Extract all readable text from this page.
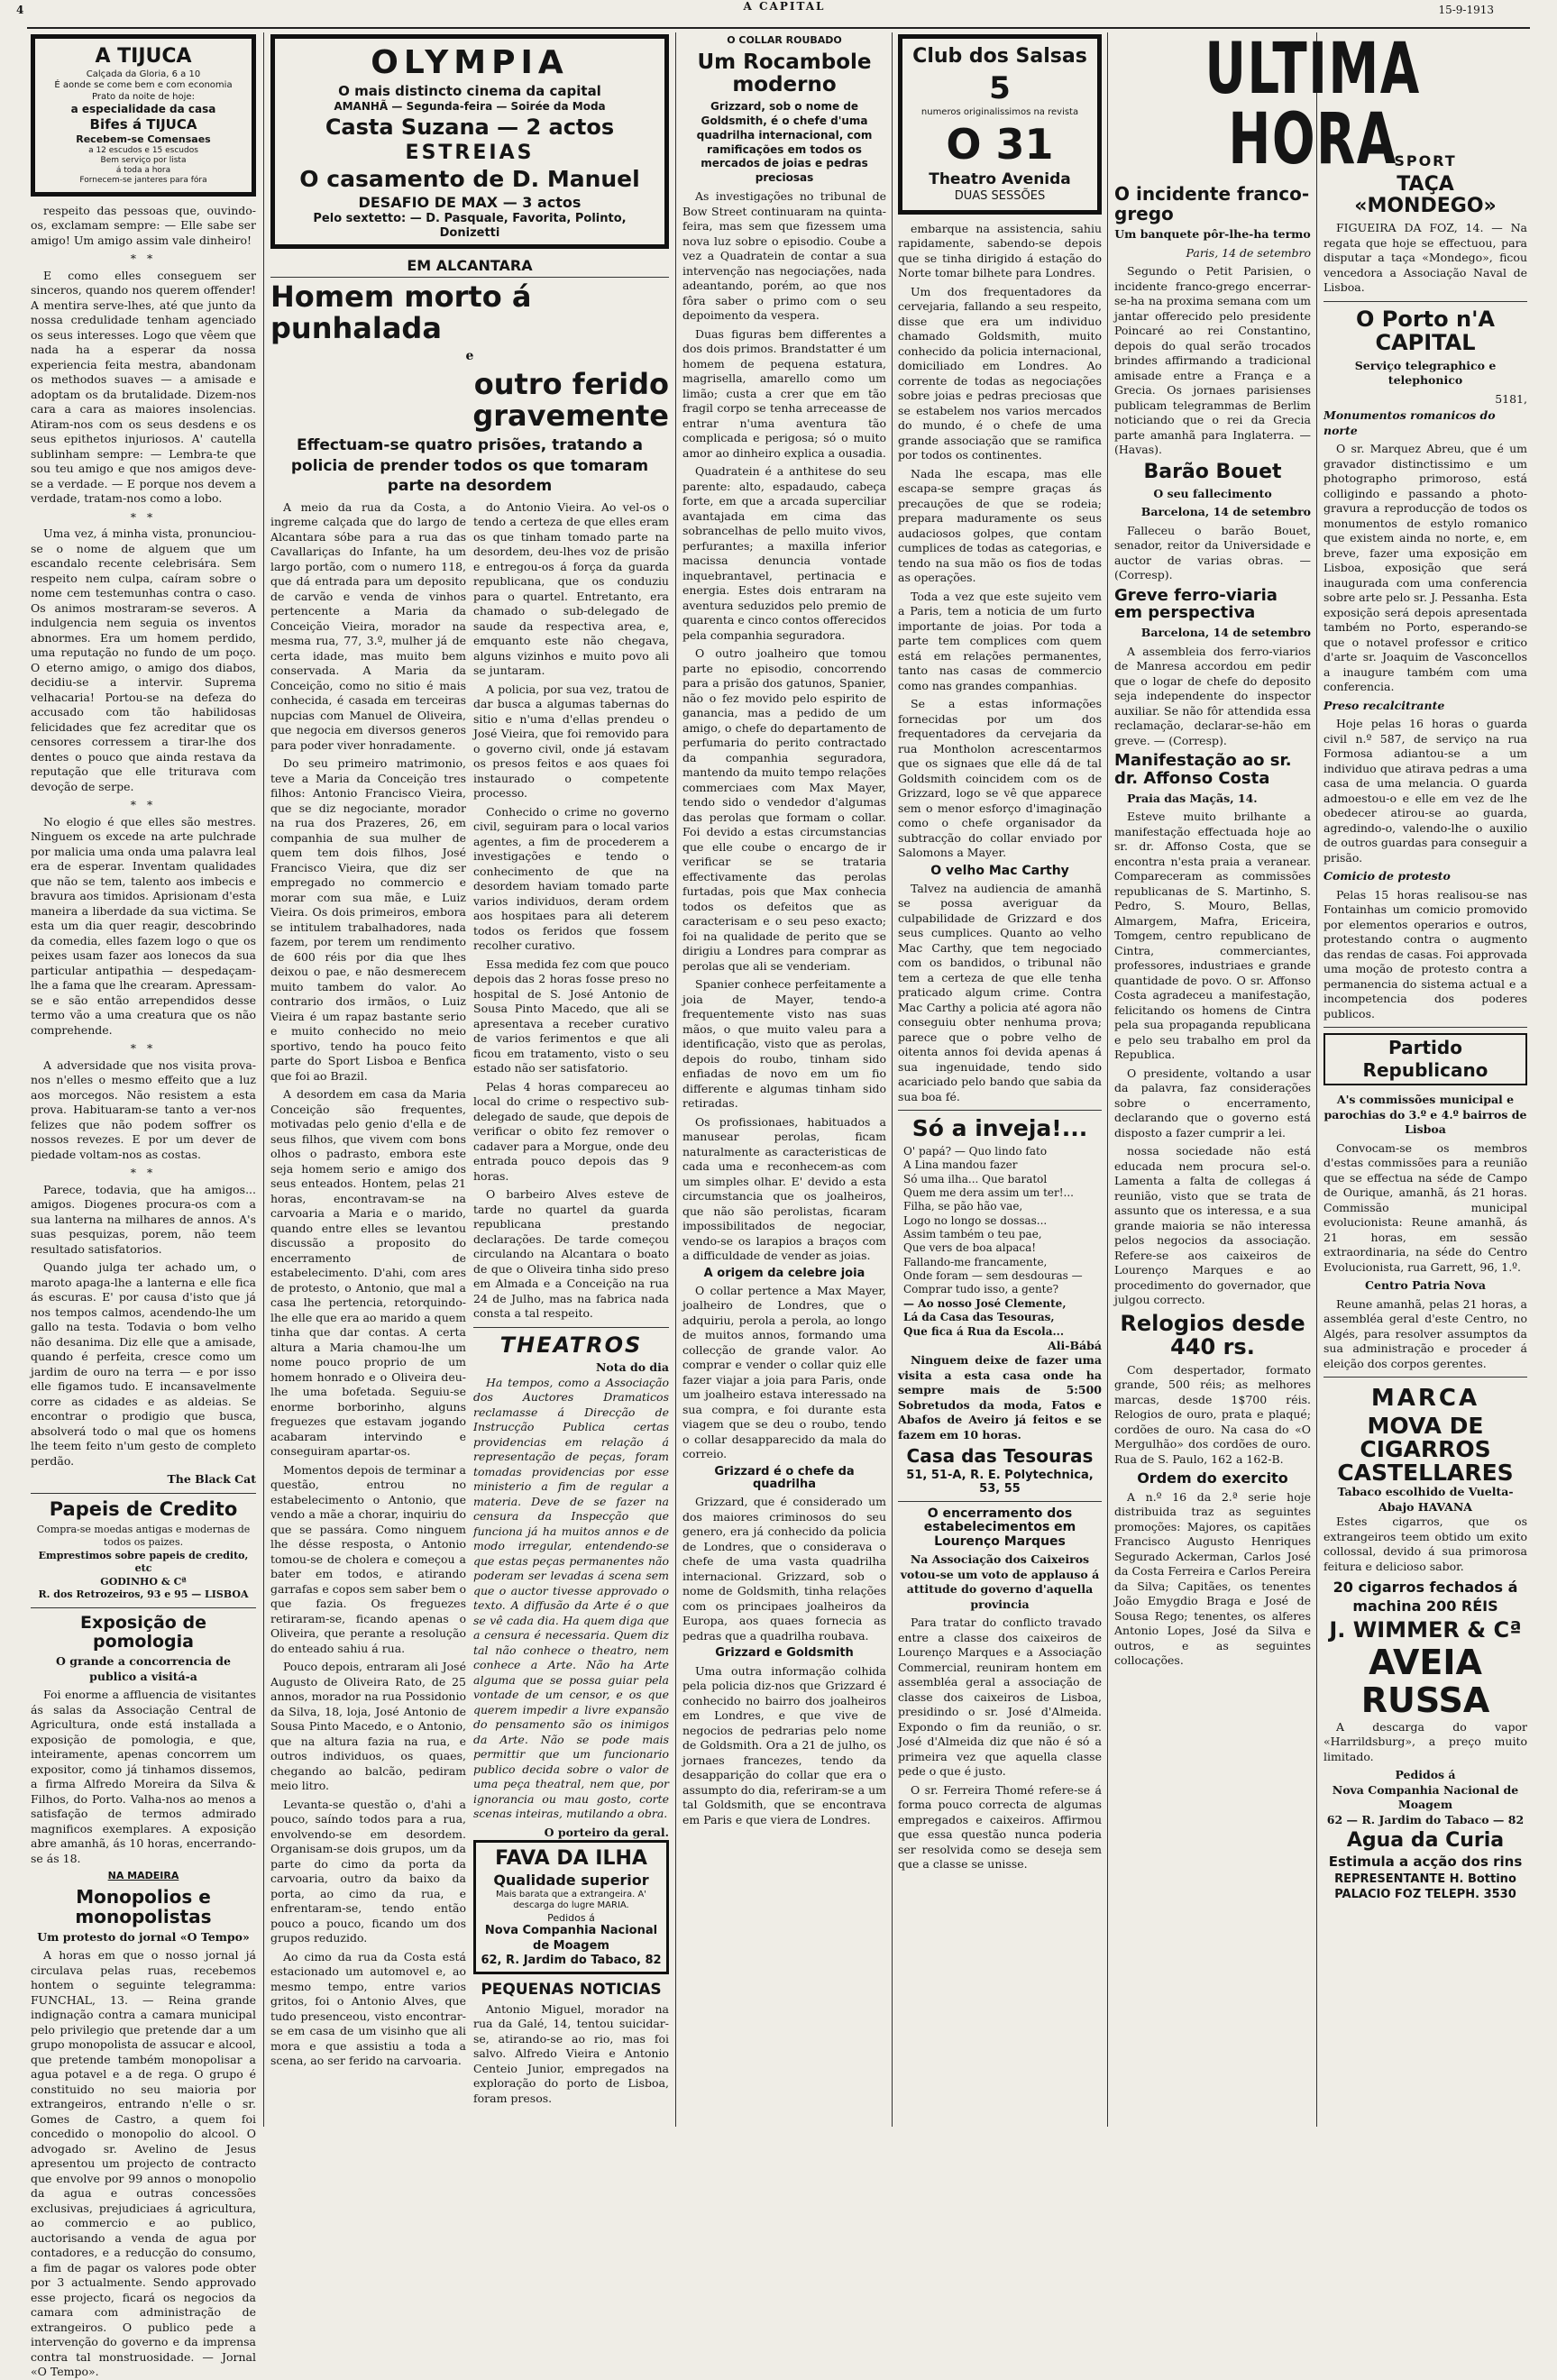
4	A CAPITAL	15-9-1913
A TIJUCA
Calçada da Gloria, 6 a 10
É aonde se come bem e com economia
Prato da noite de hoje:
a especialidade da casa
Bifes á TIJUCA
Recebem-se Comensaes
a 12 escudos e 15 escudos
Bem serviço por lista
á toda a hora
Fornecem-se janteres para fóra

respeito das pessoas que, ouvindo-os, exclamam sempre: — Elle sabe ser amigo! Um amigo assim vale dinheiro!

* *

E como elles conseguem ser sinceros, quando nos querem offender! A mentira serve-lhes, até que junto da nossa credulidade tenham agenciado os seus interesses. Logo que vêem que nada ha a esperar da nossa experiencia feita mestra, abandonam os methodos suaves — a amisade e adoptam os da brutalidade. Dizem-nos cara a cara as maiores insolencias. Atiram-nos com os seus desdens e os seus epithetos injuriosos. A' cautella sublinham sempre: — Lembra-te que sou teu amigo e que nos amigos deve-se a verdade. — E porque nos devem a verdade, tratam-nos como a lobo.

* *

Uma vez, á minha vista, pronunciou-se o nome de alguem que um escandalo recente celebrisára. Sem respeito nem culpa, caíram sobre o nome cem testemunhas contra o caso. Os animos mostraram-se severos. A indulgencia nem seguia os inventos abnormes. Era um homem perdido, uma reputação no fundo de um poço. O eterno amigo, o amigo dos diabos, decidiu-se a intervir. Suprema velhacaria! Portou-se na defeza do accusado com tão habilidosas felicidades que fez acreditar que os censores corressem a tirar-lhe dos dentes o pouco que ainda restava da reputação que elle triturava com devoção de serpe.

* *

No elogio é que elles são mestres. Ninguem os excede na arte pulchrade por malicia uma onda uma palavra leal era de esperar. Inventam qualidades que não se tem, talento aos imbecis e bravura aos timidos. Aprisionam d'esta maneira a liberdade da sua victima. Se esta um dia quer reagir, descobrindo da comedia, elles fazem logo o que os peixes usam fazer aos lonecos da sua particular antipathia — despedaçam-lhe a fama que lhe crearam. Apressam-se e são então arrependidos desse termo vão a uma creatura que os não comprehende.

* *

A adversidade que nos visita prova-nos n'elles o mesmo effeito que a luz aos morcegos. Não resistem a esta prova. Habituaram-se tanto a ver-nos felizes que não podem soffrer os nossos revezes. E por um dever de piedade voltam-nos as costas.

* *

Parece, todavia, que ha amigos... amigos. Diogenes procura-os com a sua lanterna na milhares de annos. A's suas pesquizas, porem, não teem resultado satisfatorios.

Quando julga ter achado um, o maroto apaga-lhe a lanterna e elle fica ás escuras. E' por causa d'isto que já nos tempos calmos, acendendo-lhe um gallo na testa. Todavia o bom velho não desanima. Diz elle que a amisade, quando é perfeita, cresce como um jardim de ouro na terra — e por isso elle figamos tudo. E incansavelmente corre as cidades e as aldeias. Se encontrar o prodigio que busca, absolverá todo o mal que os homens lhe teem feito n'um gesto de completo perdão.

The Black Cat
Papeis de Credito
Compra-se moedas antigas e modernas de todos os paizes.
Emprestimos sobre papeis de credito, etc
GODINHO & Cª
R. dos Retrozeiros, 93 e 95 — LISBOA
Exposição de pomologia
O grande a concorrencia de publico a visitá-a

Foi enorme a affluencia de visitantes ás salas da Associação Central de Agricultura, onde está installada a exposição de pomologia, e que, inteiramente, apenas concorrem um expositor, como já tinhamos dissemos, a firma Alfredo Moreira da Silva & Filhos, do Porto. Valha-nos ao menos a satisfação de termos admirado magnificos exemplares. A exposição abre amanhã, ás 10 horas, encerrando-se ás 18.

NA MADEIRA
Monopolios e monopolistas
Um protesto do jornal «O Tempo»

A horas em que o nosso jornal já circulava pelas ruas, recebemos hontem o seguinte telegramma: FUNCHAL, 13. — Reina grande indignação contra a camara municipal pelo privilegio que pretende dar a um grupo monopolista de assucar e alcool, que pretende também monopolisar a agua potavel e a de rega. O grupo é constituido no seu maioria por extrangeiros, entrando n'elle o sr. Gomes de Castro, a quem foi concedido o monopolio do alcool. O advogado sr. Avelino de Jesus apresentou um projecto de contracto que envolve por 99 annos o monopolio da agua e outras concessões exclusivas, prejudiciaes á agricultura, ao commercio e ao publico, auctorisando a venda de agua por contadores, e a reducção do consumo, a fim de pagar os valores pode obter por 3 actualmente. Sendo approvado esse projecto, ficará os negocios da camara com administração de extrangeiros. O publico pede a intervenção do governo e da imprensa contra tal monstruosidade. — Jornal «O Tempo».

OLYMPIA
O mais distincto cinema da capital
AMANHÃ — Segunda-feira — Soirée da Moda
Casta Suzana — 2 actos
ESTREIAS
O casamento de D. Manuel
DESAFIO DE MAX — 3 actos
Pelo sextetto: — D. Pasquale, Favorita, Polinto, Donizetti
EM ALCANTARA
Homem morto á punhalada
e
outro ferido gravemente
Effectuam-se quatro prisões, tratando a policia de prender todos os que tomaram parte na desordem

A meio da rua da Costa, a ingreme calçada que do largo de Alcantara sóbe para a rua das Cavallariças do Infante, ha um largo portão, com o numero 118, que dá entrada para um deposito de carvão e venda de vinhos pertencente a Maria da Conceição Vieira, morador na mesma rua, 77, 3.º, mulher já de certa idade, mas muito bem conservada. A Maria da Conceição, como no sitio é mais conhecida, é casada em terceiras nupcias com Manuel de Oliveira, que negocia em diversos generos para poder viver honradamente.

Do seu primeiro matrimonio, teve a Maria da Conceição tres filhos: Antonio Francisco Vieira, que se diz negociante, morador na rua dos Prazeres, 26, em companhia de sua mulher de quem tem dois filhos, José Francisco Vieira, que diz ser empregado no commercio e morar com sua mãe, e Luiz Vieira. Os dois primeiros, embora se intitulem trabalhadores, nada fazem, por terem um rendimento de 600 réis por dia que lhes deixou o pae, e não desmerecem muito tambem do valor. Ao contrario dos irmãos, o Luiz Vieira é um rapaz bastante serio e muito conhecido no meio sportivo, tendo ha pouco feito parte do Sport Lisboa e Benfica que foi ao Brazil.

A desordem em casa da Maria Conceição são frequentes, motivadas pelo genio d'ella e de seus filhos, que vivem com bons olhos o padrasto, embora este seja homem serio e amigo dos seus enteados. Hontem, pelas 21 horas, encontravam-se na carvoaria a Maria e o marido, quando entre elles se levantou discussão a proposito do encerramento de estabelecimento. D'ahi, com ares de protesto, o Antonio, que mal a casa lhe pertencia, retorquindo-lhe elle que era ao marido a quem tinha que dar contas. A certa altura a Maria chamou-lhe um nome pouco proprio de um homem honrado e o Oliveira deu-lhe uma bofetada. Seguiu-se enorme borborinho, alguns freguezes que estavam jogando acabaram intervindo e conseguiram apartar-os.

Momentos depois de terminar a questão, entrou no estabelecimento o Antonio, que vendo a mãe a chorar, inquiriu do que se passára. Como ninguem lhe désse resposta, o Antonio tomou-se de cholera e começou a bater em todos, e atirando garrafas e copos sem saber bem o que fazia. Os freguezes retiraram-se, ficando apenas o Oliveira, que perante a resolução do enteado sahiu á rua.

Pouco depois, entraram ali José Augusto de Oliveira Rato, de 25 annos, morador na rua Possidonio da Silva, 18, loja, José Antonio de Sousa Pinto Macedo, e o Antonio, que na altura fazia na rua, e outros individuos, os quaes, chegando ao balcão, pediram meio litro.

Levanta-se questão o, d'ahi a pouco, saíndo todos para a rua, envolvendo-se em desordem. Organisam-se dois grupos, um da parte do cimo da porta da carvoaria, outro da baixo da porta, ao cimo da rua, e enfrentaram-se, tendo então pouco a pouco, ficando um dos grupos reduzido.

Ao cimo da rua da Costa está estacionado um automovel e, ao mesmo tempo, entre varios gritos, foi o Antonio Alves, que tudo presenceou, visto encontrar-se em casa de um visinho que ali mora e que assistiu a toda a scena, ao ser ferido na carvoaria.

do Antonio Vieira. Ao vel-os o tendo a certeza de que elles eram os que tinham tomado parte na desordem, deu-lhes voz de prisão e entregou-os á força da guarda republicana, que os conduziu para o quartel. Entretanto, era chamado o sub-delegado de saude da respectiva area, e, emquanto este não chegava, alguns vizinhos e muito povo ali se juntaram.

A policia, por sua vez, tratou de dar busca a algumas tabernas do sitio e n'uma d'ellas prendeu o José Vieira, que foi removido para o governo civil, onde já estavam os presos feitos e aos quaes foi instaurado o competente processo.

Conhecido o crime no governo civil, seguiram para o local varios agentes, a fim de procederem a investigações e tendo o conhecimento de que na desordem haviam tomado parte varios individuos, deram ordem aos hospitaes para ali deterem todos os feridos que fossem recolher curativo.

Essa medida fez com que pouco depois das 2 horas fosse preso no hospital de S. José Antonio de Sousa Pinto Macedo, que ali se apresentava a receber curativo de varios ferimentos e que ali ficou em tratamento, visto o seu estado não ser satisfatorio.

Pelas 4 horas compareceu ao local do crime o respectivo sub-delegado de saude, que depois de verificar o obito fez remover o cadaver para a Morgue, onde deu entrada pouco depois das 9 horas.

O barbeiro Alves esteve de tarde no quartel da guarda republicana prestando declarações. De tarde começou circulando na Alcantara o boato de que o Oliveira tinha sido preso em Almada e a Conceição na rua 24 de Julho, mas na fabrica nada consta a tal respeito.

THEATROS
Nota do dia

Ha tempos, como a Associação dos Auctores Dramaticos reclamasse á Direcção de Instrucção Publica certas providencias em relação á representação de peças, foram tomadas providencias por esse ministerio a fim de regular a materia. Deve de se fazer na censura da Inspecção que funciona já ha muitos annos e de modo irregular, entendendo-se que estas peças permanentes não poderam ser levadas á scena sem que o auctor tivesse approvado o texto. A diffusão da Arte é o que se vê cada dia. Ha quem diga que a censura é necessaria. Quem diz tal não conhece o theatro, nem conhece a Arte. Não ha Arte alguma que se possa guiar pela vontade de um censor, e os que querem impedir a livre expansão do pensamento são os inimigos da Arte. Não se pode mais permittir que um funcionario publico decida sobre o valor de uma peça theatral, nem que, por ignorancia ou mau gosto, corte scenas inteiras, mutilando a obra.

O porteiro da geral.
FAVA DA ILHA
Qualidade superior
Mais barata que a extrangeira. A' descarga do lugre MARIA.
Pedidos á
Nova Companhia Nacional de Moagem
62, R. Jardim do Tabaco, 82
PEQUENAS NOTICIAS

Antonio Miguel, morador na rua da Galé, 14, tentou suicidar-se, atirando-se ao rio, mas foi salvo. Alfredo Vieira e Antonio Centeio Junior, empregados na exploração do porto de Lisboa, foram presos.

O COLLAR ROUBADO
Um Rocambole moderno
Grizzard, sob o nome de Goldsmith, é o chefe d'uma quadrilha internacional, com ramificações em todos os mercados de joias e pedras preciosas

As investigações no tribunal de Bow Street continuaram na quinta-feira, mas sem que fizessem uma nova luz sobre o episodio. Coube a vez a Quadratein de contar a sua intervenção nas negociações, nada adeantando, porém, ao que nos fôra saber o primo com o seu depoimento da vespera.

Duas figuras bem differentes a dos dois primos. Brandstatter é um homem de pequena estatura, magrisella, amarello como um limão; custa a crer que em tão fragil corpo se tenha arreceasse de entrar n'uma aventura tão complicada e perigosa; só o muito amor ao dinheiro explica a ousadia.

Quadratein é a anthitese do seu parente: alto, espadaudo, cabeça forte, em que a arcada superciliar avantajada em cima das sobrancelhas de pello muito vivos, perfurantes; a maxilla inferior macissa denuncia vontade inquebrantavel, pertinacia e energia. Estes dois entraram na aventura seduzidos pelo premio de quarenta e cinco contos offerecidos pela companhia seguradora.

O outro joalheiro que tomou parte no episodio, concorrendo para a prisão dos gatunos, Spanier, não o fez movido pelo espirito de ganancia, mas a pedido de um amigo, o chefe do departamento de perfumaria do perito contractado da companhia seguradora, mantendo da muito tempo relações commerciaes com Max Mayer, tendo sido o vendedor d'algumas das perolas que formam o collar. Foi devido a estas circumstancias que elle coube o encargo de ir verificar se se trataria effectivamente das perolas furtadas, pois que Max conhecia todos os defeitos que as caracterisam e o seu peso exacto; foi na qualidade de perito que se dirigiu a Londres para comprar as perolas que ali se venderiam.

Spanier conhece perfeitamente a joia de Mayer, tendo-a frequentemente visto nas suas mãos, o que muito valeu para a identificação, visto que as perolas, depois do roubo, tinham sido enfiadas de novo em um fio differente e algumas tinham sido retiradas.

Os profissionaes, habituados a manusear perolas, ficam naturalmente as caracteristicas de cada uma e reconhecem-as com um simples olhar. E' devido a esta circumstancia que os joalheiros, que não são perolistas, ficaram impossibilitados de negociar, vendo-se os larapios a braços com a difficuldade de vender as joias.

A origem da celebre joia

O collar pertence a Max Mayer, joalheiro de Londres, que o adquiriu, perola a perola, ao longo de muitos annos, formando uma collecção de grande valor. Ao comprar e vender o collar quiz elle fazer viajar a joia para Paris, onde um joalheiro estava interessado na sua compra, e foi durante esta viagem que se deu o roubo, tendo o collar desapparecido da mala do correio.

Grizzard é o chefe da quadrilha

Grizzard, que é considerado um dos maiores criminosos do seu genero, era já conhecido da policia de Londres, que o considerava o chefe de uma vasta quadrilha internacional. Grizzard, sob o nome de Goldsmith, tinha relações com os principaes joalheiros da Europa, aos quaes fornecia as pedras que a quadrilha roubava.

Grizzard e Goldsmith

Uma outra informação colhida pela policia diz-nos que Grizzard é conhecido no bairro dos joalheiros em Londres, e que vive de negocios de pedrarias pelo nome de Goldsmith. Ora a 21 de julho, os jornaes francezes, tendo da desapparição do collar que era o assumpto do dia, referiram-se a um tal Goldsmith, que se encontrava em Paris e que viera de Londres.

Club dos Salsas
5
numeros originalissimos na revista
O 31
Theatro Avenida
DUAS SESSÕES

embarque na assistencia, sahiu rapidamente, sabendo-se depois que se tinha dirigido á estação do Norte tomar bilhete para Londres.

Um dos frequentadores da cervejaria, fallando a seu respeito, disse que era um individuo chamado Goldsmith, muito conhecido da policia internacional, domiciliado em Londres. Ao corrente de todas as negociações sobre joias e pedras preciosas que se estabelem nos varios mercados do mundo, é o chefe de uma grande associação que se ramifica por todos os continentes.

Nada lhe escapa, mas elle escapa-se sempre graças ás precauções de que se rodeia; prepara maduramente os seus audaciosos golpes, que contam cumplices de todas as categorias, e tendo na sua mão os fios de todas as operações.

Toda a vez que este sujeito vem a Paris, tem a noticia de um furto importante de joias. Por toda a parte tem complices com quem está em relações permanentes, tanto nas casas de commercio como nas grandes companhias.

Se a estas informações fornecidas por um dos frequentadores da cervejaria da rua Montholon acrescentarmos que os signaes que elle dá de tal Goldsmith coincidem com os de Grizzard, logo se vê que apparece sem o menor esforço d'imaginação como o chefe organisador da subtracção do collar enviado por Salomons a Mayer.

O velho Mac Carthy

Talvez na audiencia de amanhã se possa averiguar da culpabilidade de Grizzard e dos seus cumplices. Quanto ao velho Mac Carthy, que tem negociado com os bandidos, o tribunal não tem a certeza de que elle tenha praticado algum crime. Contra Mac Carthy a policia até agora não conseguiu obter nenhuma prova; parece que o pobre velho de oitenta annos foi devida apenas á sua ingenuidade, tendo sido acariciado pelo bando que sabia da sua boa fé.

Só a inveja!...
O' papá? — Quo lindo fato
A Lina mandou fazer
Só uma ilha... Que baratol
Quem me dera assim um ter!...
Filha, se pão hão vae,
Logo no longo se dossas...
Assim também o teu pae,
Que vers de boa alpaca!
Fallando-me francamente,
Onde foram — sem desdouras —
Comprar tudo isso, a gente?
— Ao nosso José Clemente,
Lá da Casa das Tesouras,
Que fica á Rua da Escola...
Ali-Bábá

Ninguem deixe de fazer uma visita a esta casa onde ha sempre mais de 5:500 Sobretudos da moda, Fatos e Abafos de Aveiro já feitos e se fazem em 10 horas.

Casa das Tesouras
51, 51-A, R. E. Polytechnica, 53, 55
O encerramento dos estabelecimentos em Lourenço Marques
Na Associação dos Caixeiros votou-se um voto de applauso á attitude do governo d'aquella provincia

Para tratar do conflicto travado entre a classe dos caixeiros de Lourenço Marques e a Associação Commercial, reuniram hontem em assembléa geral a associação de classe dos caixeiros de Lisboa, presidindo o sr. José d'Almeida. Expondo o fim da reunião, o sr. José d'Almeida diz que não é só a primeira vez que aquella classe pede o que é justo.

O sr. Ferreira Thomé refere-se á forma pouco correcta de algumas empregados e caixeiros. Affirmou que essa questão nunca poderia ser resolvida como se deseja sem que a classe se unisse.

ULTIMA HORA
O incidente franco-grego
Um banquete pôr-lhe-ha termo
Paris, 14 de setembro

Segundo o Petit Parisien, o incidente franco-grego encerrar-se-ha na proxima semana com um jantar offerecido pelo presidente Poincaré ao rei Constantino, depois do qual serão trocados brindes affirmando a tradicional amisade entre a França e a Grecia. Os jornaes parisienses publicam telegrammas de Berlim noticiando que o rei da Grecia parte amanhã para Inglaterra. — (Havas).

Barão Bouet
O seu fallecimento
Barcelona, 14 de setembro

Falleceu o barão Bouet, senador, reitor da Universidade e auctor de varias obras. — (Corresp).

Greve ferro-viaria em perspectiva
Barcelona, 14 de setembro

A assembleia dos ferro-viarios de Manresa accordou em pedir que o logar de chefe do deposito seja independente do inspector auxiliar. Se não fôr attendida essa reclamação, declarar-se-hão em greve. — (Corresp).

Manifestação ao sr. dr. Affonso Costa

Praia das Maçãs, 14.

Esteve muito brilhante a manifestação effectuada hoje ao sr. dr. Affonso Costa, que se encontra n'esta praia a veranear. Compareceram as commissões republicanas de S. Martinho, S. Pedro, S. Mouro, Bellas, Almargem, Mafra, Ericeira, Tomgem, centro republicano de Cintra, commerciantes, professores, industriaes e grande quantidade de povo. O sr. Affonso Costa agradeceu a manifestação, felicitando os homens de Cintra pela sua propaganda republicana e pelo seu trabalho em prol da Republica.

O presidente, voltando a usar da palavra, faz considerações sobre o encerramento, declarando que o governo está disposto a fazer cumprir a lei.

nossa sociedade não está educada nem procura sel-o. Lamenta a falta de collegas á reunião, visto que se trata de assunto que os interessa, e a sua grande maioria se não interessa pelos negocios da associação. Refere-se aos caixeiros de Lourenço Marques e ao procedimento do governador, que julgou correcto.

Relogios desde 440 rs.

Com despertador, formato grande, 500 réis; as melhores marcas, desde 1$700 réis. Relogios de ouro, prata e plaqué; cordões de ouro. Na casa do «O Mergulhão» dos cordões de ouro. Rua de S. Paulo, 162 a 162-B.

Ordem do exercito

A n.º 16 da 2.ª serie hoje distribuida traz as seguintes promoções: Majores, os capitães Francisco Augusto Henriques Segurado Ackerman, Carlos José da Costa Ferreira e Carlos Pereira da Silva; Capitães, os tenentes João Emygdio Braga e José de Sousa Rego; tenentes, os alferes Antonio Lopes, José da Silva e outros, e as seguintes collocações.

SPORT
TAÇA «MONDEGO»

FIGUEIRA DA FOZ, 14. — Na regata que hoje se effectuou, para disputar a taça «Mondego», ficou vencedora a Associação Naval de Lisboa.

O Porto n'A CAPITAL
Serviço telegraphico e telephonico
5181,
Monumentos romanicos do norte

O sr. Marquez Abreu, que é um gravador distinctissimo e um photographo primoroso, está colligindo e passando a photo-gravura a reproducção de todos os monumentos de estylo romanico que existem ainda no norte, e, em breve, fazer uma exposição em Lisboa, exposição que será inaugurada com uma conferencia sobre arte pelo sr. J. Pessanha. Esta exposição será depois apresentada também no Porto, esperando-se que o notavel professor e critico d'arte sr. Joaquim de Vasconcellos a inaugure também com uma conferencia.

Preso recalcitrante

Hoje pelas 16 horas o guarda civil n.º 587, de serviço na rua Formosa adiantou-se a um individuo que atirava pedras a uma casa de uma melancia. O guarda admoestou-o e elle em vez de lhe obedecer atirou-se ao guarda, agredindo-o, valendo-lhe o auxilio de outros guardas para conseguir a prisão.

Comicio de protesto

Pelas 15 horas realisou-se nas Fontainhas um comicio promovido por elementos operarios e outros, protestando contra o augmento das rendas de casas. Foi approvada uma moção de protesto contra a permanencia do sistema actual e a incompetencia dos poderes publicos.

Partido Republicano
A's commissões municipal e parochias do 3.º e 4.º bairros de Lisboa

Convocam-se os membros d'estas commissões para a reunião que se effectua na séde de Campo de Ourique, amanhã, ás 21 horas. Commissão municipal evolucionista: Reune amanhã, ás 21 horas, em sessão extraordinaria, na séde do Centro Evolucionista, rua Garrett, 96, 1.º.

Centro Patria Nova

Reune amanhã, pelas 21 horas, a assembléa geral d'este Centro, no Algés, para resolver assumptos da sua administração e proceder á eleição dos corpos gerentes.

MARCA
MOVA DE CIGARROS CASTELLARES
Tabaco escolhido de Vuelta-Abajo HAVANA

Estes cigarros, que os extrangeiros teem obtido um exito collossal, devido á sua primorosa feitura e delicioso sabor.

20 cigarros fechados á machina 200 RÉIS
J. WIMMER & Cª
AVEIA RUSSA

A descarga do vapor «Harrildsburg», a preço muito limitado.

Pedidos á
Nova Companhia Nacional de Moagem
62 — R. Jardim do Tabaco — 82
Agua da Curia
Estimula a acção dos rins
REPRESENTANTE H. Bottino
PALACIO FOZ TELEPH. 3530
